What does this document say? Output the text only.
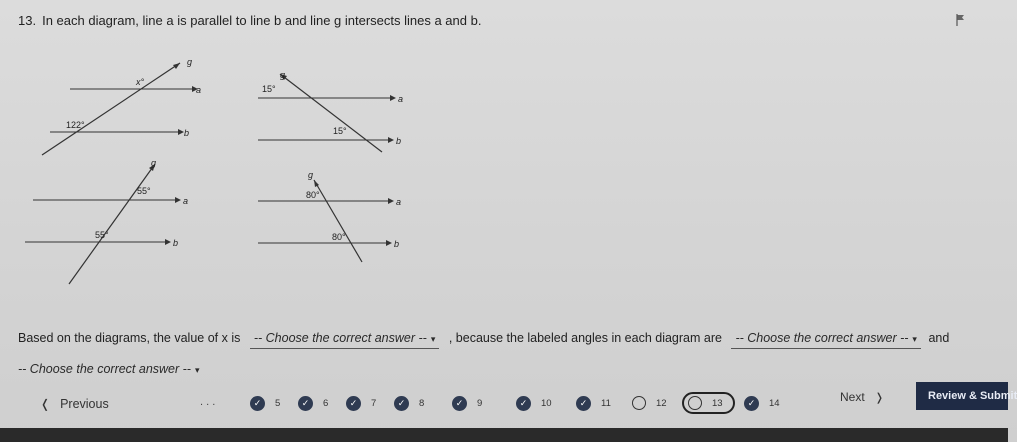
13. In each diagram, line a is parallel to line b and line g intersects lines a and b.
g
x°
a
122°
b
g
15°
a
15°
b
g
55°
a
55°
b
g
80°
a
80°
b
Based on the diagrams, the value of x is -- Choose the correct answer -- ▾ , because the labeled angles in each diagram are -- Choose the correct answer -- ▾ and
-- Choose the correct answer -- ▾
❬ Previous	. . .	✓	5	✓	6	✓	7	✓	8	✓	9	✓	10	✓	11	12	13	✓	14	Next ❭	Review & Submit
